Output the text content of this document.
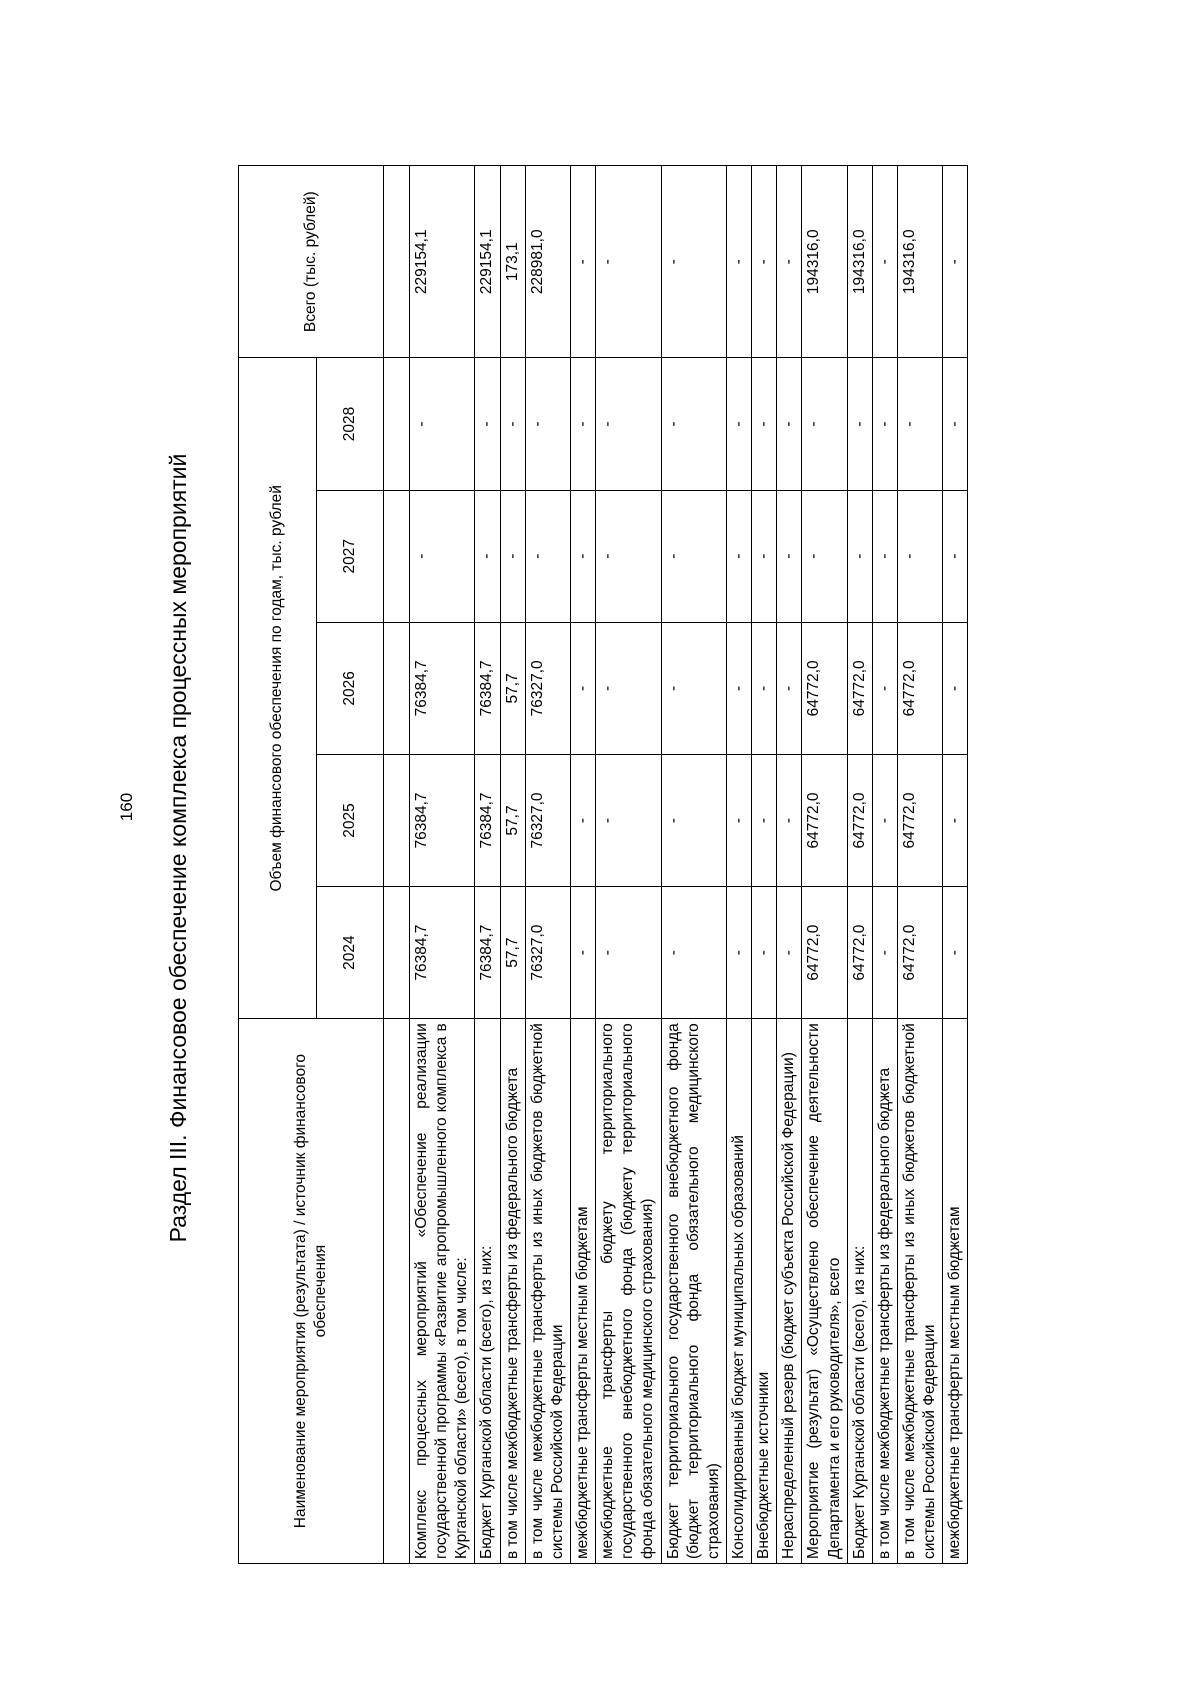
160 Раздел III. Финансовое обеспечение комплекса процессных мероприятий
Наименование мероприятия (результата) / источник финансового обеспечения	Объем финансового обеспечения по годам, тыс. рублей					Всего (тыс. рублей)
	2024	2025	2026	2027	2028	

Комплекс процессных мероприятий «Обеспечение реализации государственной программы «Развитие агропромышленного комплекса в Курганской области» (всего), в том числе:	76384,7	76384,7	76384,7	-	-	229154,1
Бюджет Курганской области (всего), из них:	76384,7	76384,7	76384,7	-	-	229154,1
в том числе межбюджетные трансферты из федерального бюджета	57,7	57,7	57,7	-	-	173,1
в том числе межбюджетные трансферты из иных бюджетов бюджетной системы Российской Федерации	76327,0	76327,0	76327,0	-	-	228981,0
межбюджетные трансферты местным бюджетам	-	-	-	-	-	-
межбюджетные трансферты бюджету территориального государственного внебюджетного фонда (бюджету территориального фонда обязательного медицинского страхования)	-	-	-	-	-	-
Бюджет территориального государственного внебюджетного фонда (бюджет территориального фонда обязательного медицинского страхования)	-	-	-	-	-	-
Консолидированный бюджет муниципальных образований	-	-	-	-	-	-
Внебюджетные источники	-	-	-	-	-	-
Нераспределенный резерв (бюджет субъекта Российской Федерации)	-	-	-	-	-	-
Мероприятие (результат) «Осуществлено обеспечение деятельности Департамента и его руководителя», всего	64772,0	64772,0	64772,0	-	-	194316,0
Бюджет Курганской области (всего), из них:	64772,0	64772,0	64772,0	-	-	194316,0
в том числе межбюджетные трансферты из федерального бюджета	-	-	-	-	-	-
в том числе межбюджетные трансферты из иных бюджетов бюджетной системы Российской Федерации	64772,0	64772,0	64772,0	-	-	194316,0
межбюджетные трансферты местным бюджетам	-	-	-	-	-	-
